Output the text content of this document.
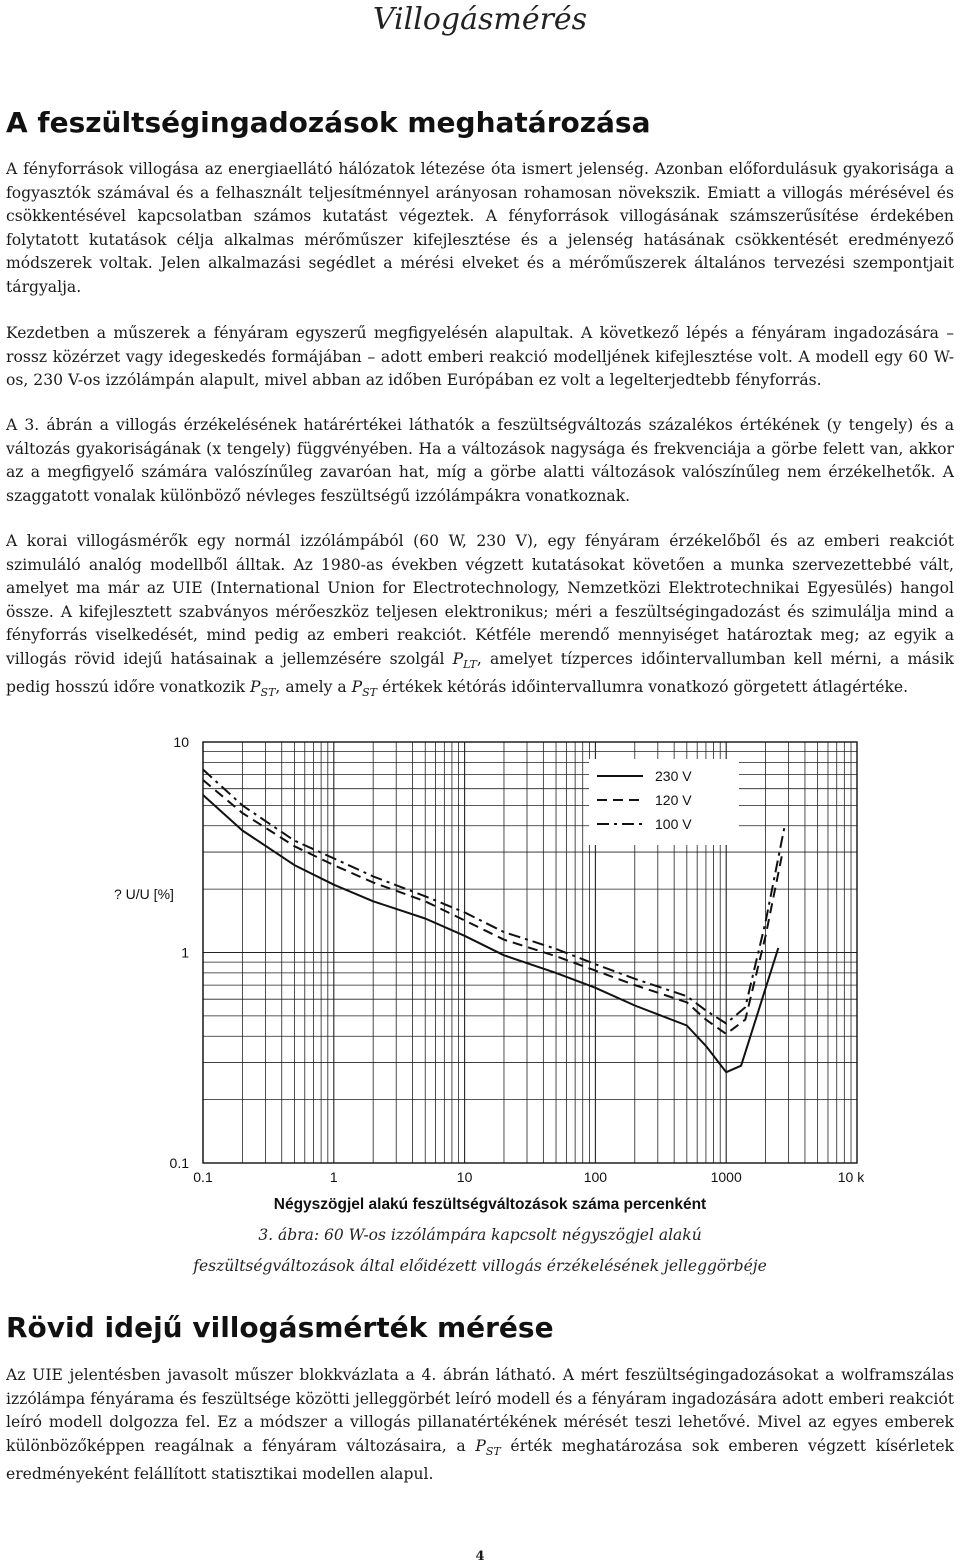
Villogásmérés
A feszültségingadozások meghatározása

A fényforrások villogása az energiaellátó hálózatok létezése óta ismert jelenség. Azonban előfordulásuk gyakorisága a fogyasztók számával és a felhasznált teljesítménnyel arányosan rohamosan növekszik. Emiatt a villogás mérésével és csökkentésével kapcsolatban számos kutatást végeztek. A fényforrások villogásának számszerűsítése érdekében folytatott kutatások célja alkalmas mérőműszer kifejlesztése és a jelenség hatásának csökkentését eredményező módszerek voltak. Jelen alkalmazási segédlet a mérési elveket és a mérőműszerek általános tervezési szempontjait tárgyalja.

Kezdetben a műszerek a fényáram egyszerű megfigyelésén alapultak. A következő lépés a fényáram ingadozására – rossz közérzet vagy idegeskedés formájában – adott emberi reakció modelljének kifejlesztése volt. A modell egy 60 W-os, 230 V-os izzólámpán alapult, mivel abban az időben Európában ez volt a legelterjedtebb fényforrás.

A 3. ábrán a villogás érzékelésének határértékei láthatók a feszültségváltozás százalékos értékének (y tengely) és a változás gyakoriságának (x tengely) függvényében. Ha a változások nagysága és frekvenciája a görbe felett van, akkor az a megfigyelő számára valószínűleg zavaróan hat, míg a görbe alatti változások valószínűleg nem érzékelhetők. A szaggatott vonalak különböző névleges feszültségű izzólámpákra vonatkoznak.

A korai villogásmérők egy normál izzólámpából (60 W, 230 V), egy fényáram érzékelőből és az emberi reakciót szimuláló analóg modellből álltak. Az 1980-as években végzett kutatásokat követően a munka szervezettebbé vált, amelyet ma már az UIE (International Union for Electrotechnology, Nemzetközi Elektrotechnikai Egyesülés) hangol össze. A kifejlesztett szabványos mérőeszköz teljesen elektronikus; méri a feszültségingadozást és szimulálja mind a fényforrás viselkedését, mind pedig az emberi reakciót. Kétféle merendő mennyiséget határoztak meg; az egyik a villogás rövid idejű hatásainak a jellemzésére szolgál $P_{LT}$, amelyet tízperces időintervallumban kell mérni, a másik pedig hosszú időre vonatkozik $P_{ST}$, amely a $P_{ST}$ értékek kétórás időintervallumra vonatkozó görgetett átlagértéke.

0.1	1	10	100	1000	10 k
10
1
0.1
? U/U [%]
Négyszögjel alakú feszültségváltozások száma percenként
230 V
120 V
100 V
3. ábra: 60 W-os izzólámpára kapcsolt négyszögjel alakú
feszültségváltozások által előidézett villogás érzékelésének jelleggörbéje
Rövid idejű villogásmérték mérése

Az UIE jelentésben javasolt műszer blokkvázlata a 4. ábrán látható. A mért feszültségingadozásokat a wolframszálas izzólámpa fényárama és feszültsége közötti jelleggörbét leíró modell és a fényáram ingadozására adott emberi reakciót leíró modell dolgozza fel. Ez a módszer a villogás pillanatértékének mérését teszi lehetővé. Mivel az egyes emberek különbözőképpen reagálnak a fényáram változásaira, a $P_{ST}$ érték meghatározása sok emberen végzett kísérletek eredményeként felállított statisztikai modellen alapul.

4
